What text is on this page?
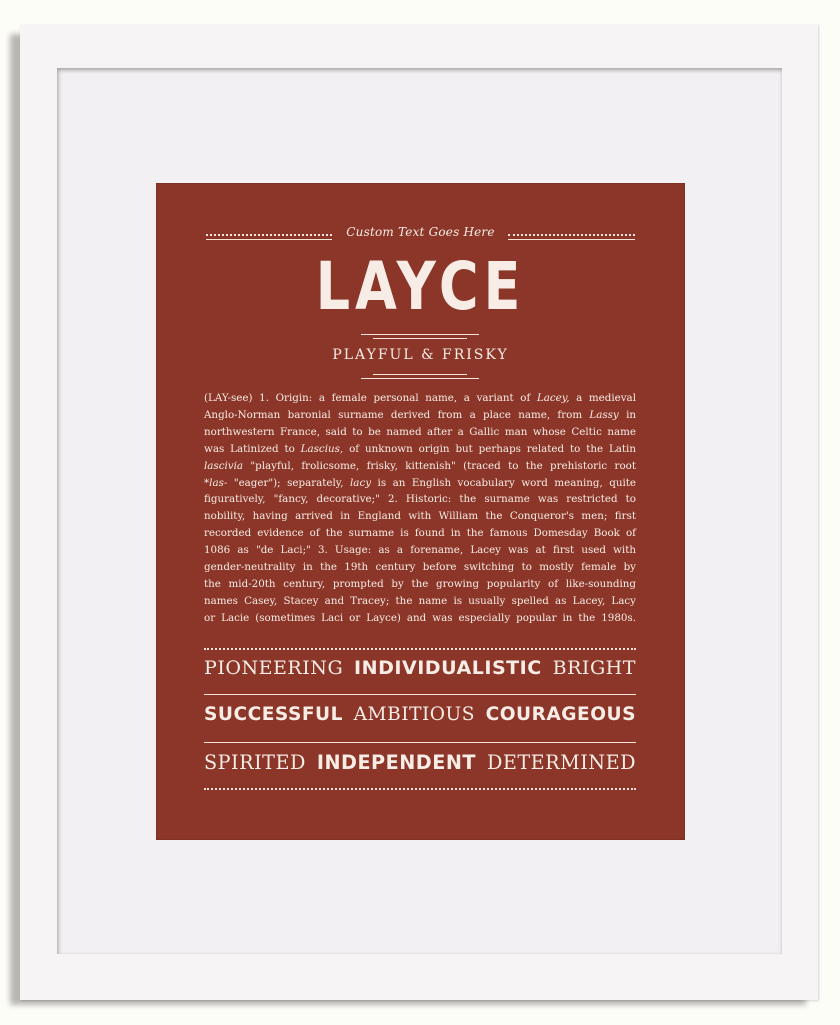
Custom Text Goes Here
LAYCE
PLAYFUL & FRISKY
(LAY-see) 1. Origin: a female personal name, a variant of Lacey, a medieval
Anglo-Norman baronial surname derived from a place name, from Lassy in
northwestern France, said to be named after a Gallic man whose Celtic name
was Latinized to Lascius, of unknown origin but perhaps related to the Latin
lascivia "playful, frolicsome, frisky, kittenish" (traced to the prehistoric root
*las- "eager"); separately, lacy is an English vocabulary word meaning, quite
figuratively, "fancy, decorative;" 2. Historic: the surname was restricted to
nobility, having arrived in England with William the Conqueror's men; first
recorded evidence of the surname is found in the famous Domesday Book of
1086 as "de Laci;" 3. Usage: as a forename, Lacey was at first used with
gender-neutrality in the 19th century before switching to mostly female by
the mid-20th century, prompted by the growing popularity of like-sounding
names Casey, Stacey and Tracey; the name is usually spelled as Lacey, Lacy
or Lacie (sometimes Laci or Layce) and was especially popular in the 1980s.
PIONEERING INDIVIDUALISTIC BRIGHT
SUCCESSFUL AMBITIOUS COURAGEOUS
SPIRITED INDEPENDENT DETERMINED
